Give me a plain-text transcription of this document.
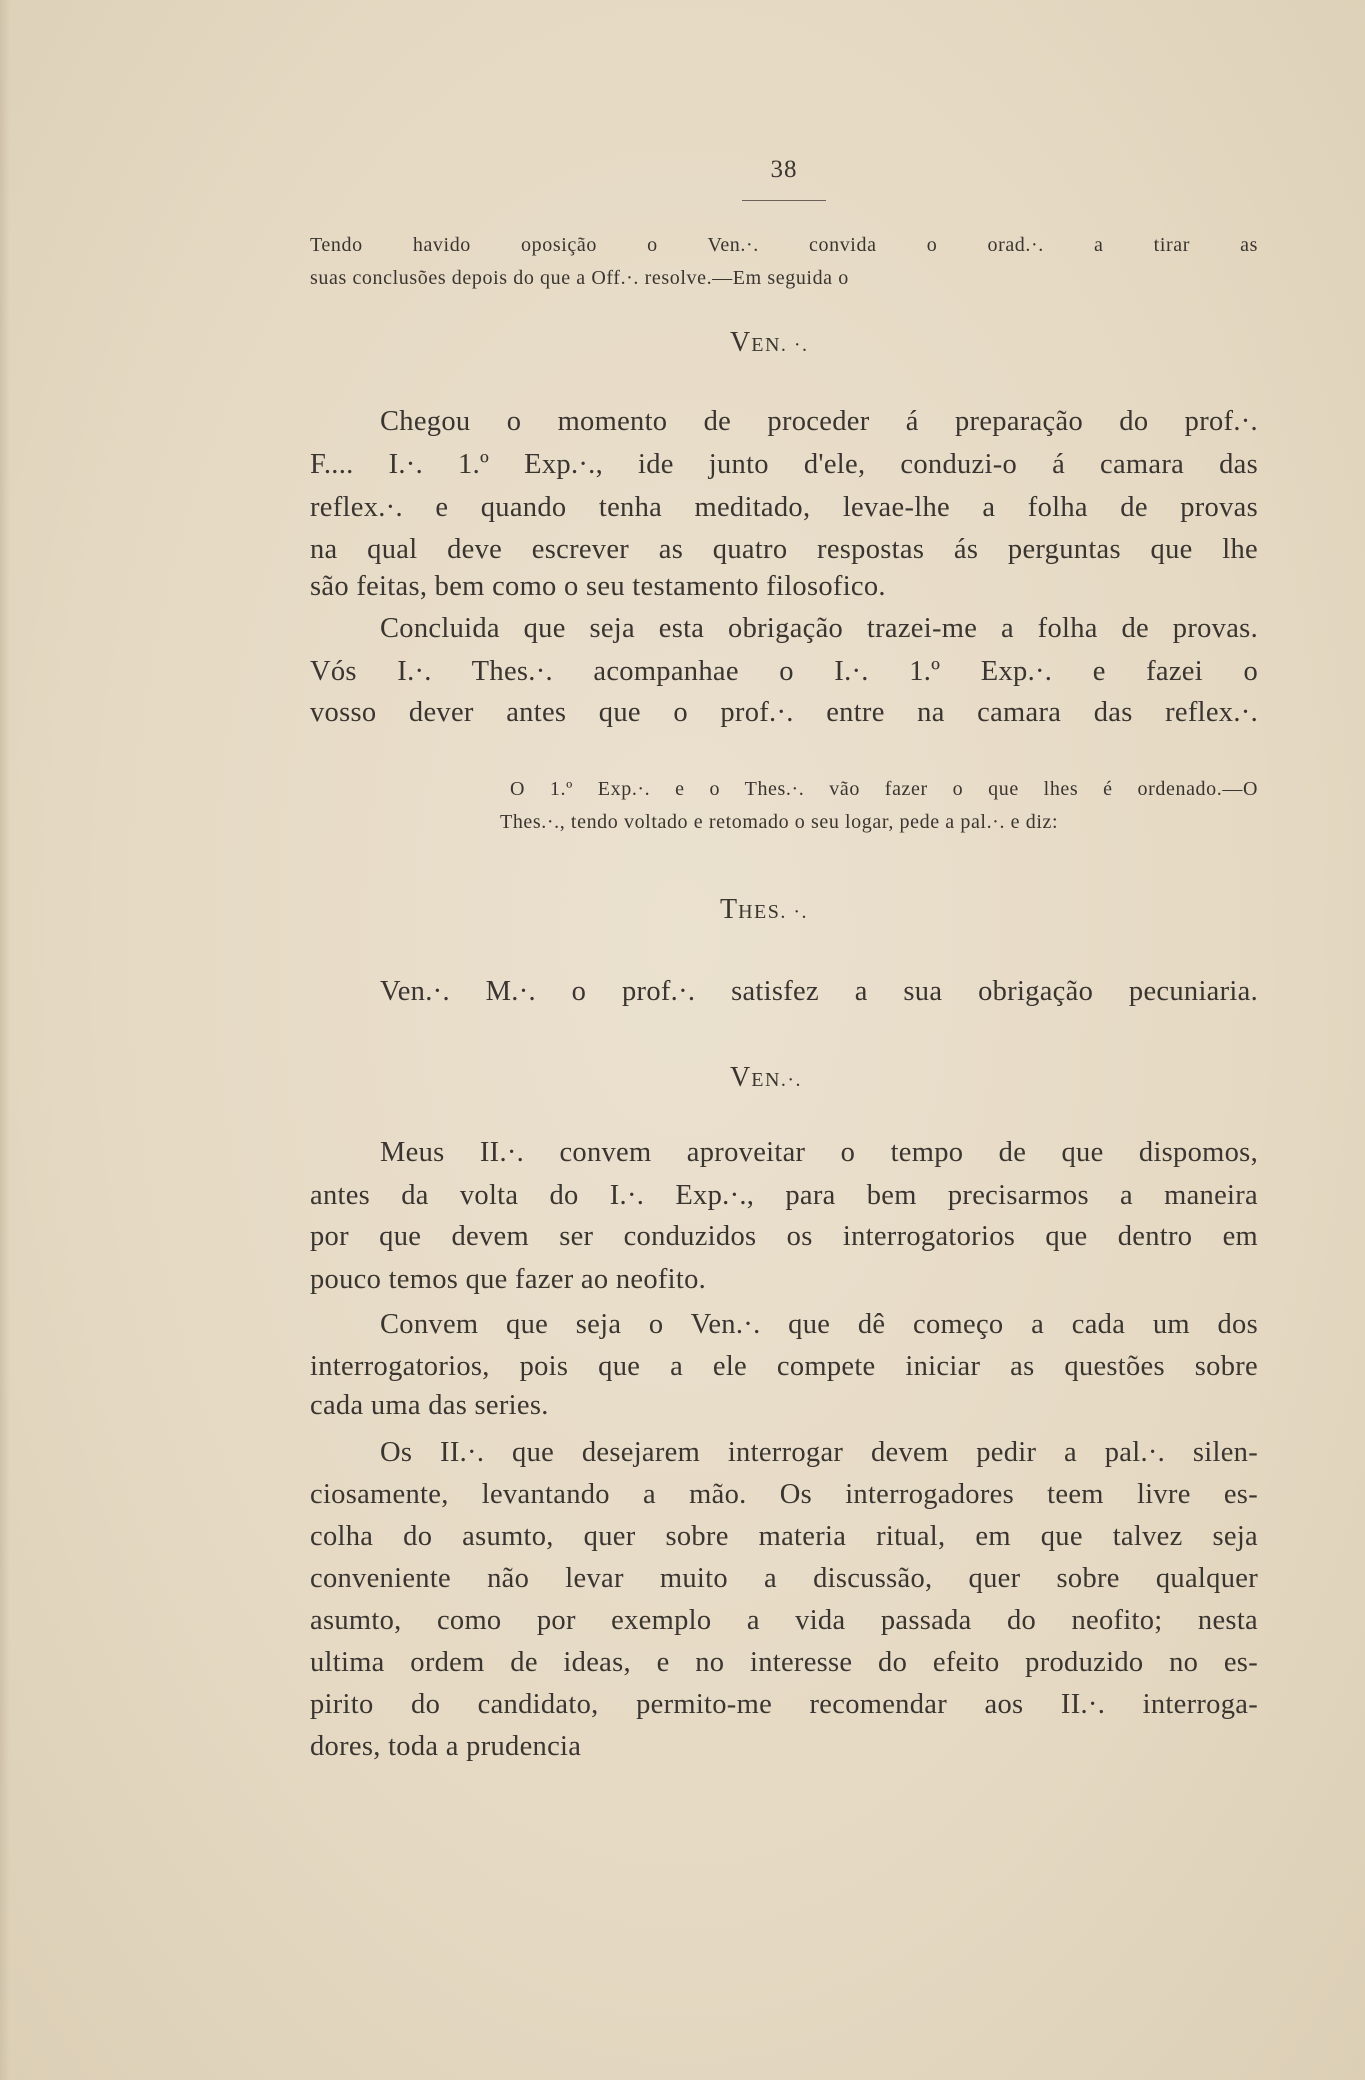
38
Tendo havido oposição o Ven.·. convida o orad.·. a tirar as
suas conclusões depois do que a Off.·. resolve.—Em seguida o
VEN. ·.
Chegou o momento de proceder á preparação do prof.·.
F.... I.·. 1.º Exp.·., ide junto d'ele, conduzi-o á camara das
reflex.·. e quando tenha meditado, levae-lhe a folha de provas
na qual deve escrever as quatro respostas ás perguntas que lhe
são feitas, bem como o seu testamento filosofico.
Concluida que seja esta obrigação trazei-me a folha de provas.
Vós I.·. Thes.·. acompanhae o I.·. 1.º Exp.·. e fazei o
vosso dever antes que o prof.·. entre na camara das reflex.·.
O 1.º Exp.·. e o Thes.·. vão fazer o que lhes é ordenado.—O
Thes.·., tendo voltado e retomado o seu logar, pede a pal.·. e diz:
THES. ·.
Ven.·. M.·. o prof.·. satisfez a sua obrigação pecuniaria.
VEN.·.
Meus II.·. convem aproveitar o tempo de que dispomos,
antes da volta do I.·. Exp.·., para bem precisarmos a maneira
por que devem ser conduzidos os interrogatorios que dentro em
pouco temos que fazer ao neofito.
Convem que seja o Ven.·. que dê começo a cada um dos
interrogatorios, pois que a ele compete iniciar as questões sobre
cada uma das series.
Os II.·. que desejarem interrogar devem pedir a pal.·. silen-
ciosamente, levantando a mão. Os interrogadores teem livre es-
colha do asumto, quer sobre materia ritual, em que talvez seja
conveniente não levar muito a discussão, quer sobre qualquer
asumto, como por exemplo a vida passada do neofito; nesta
ultima ordem de ideas, e no interesse do efeito produzido no es-
pirito do candidato, permito-me recomendar aos II.·. interroga-
dores, toda a prudencia
